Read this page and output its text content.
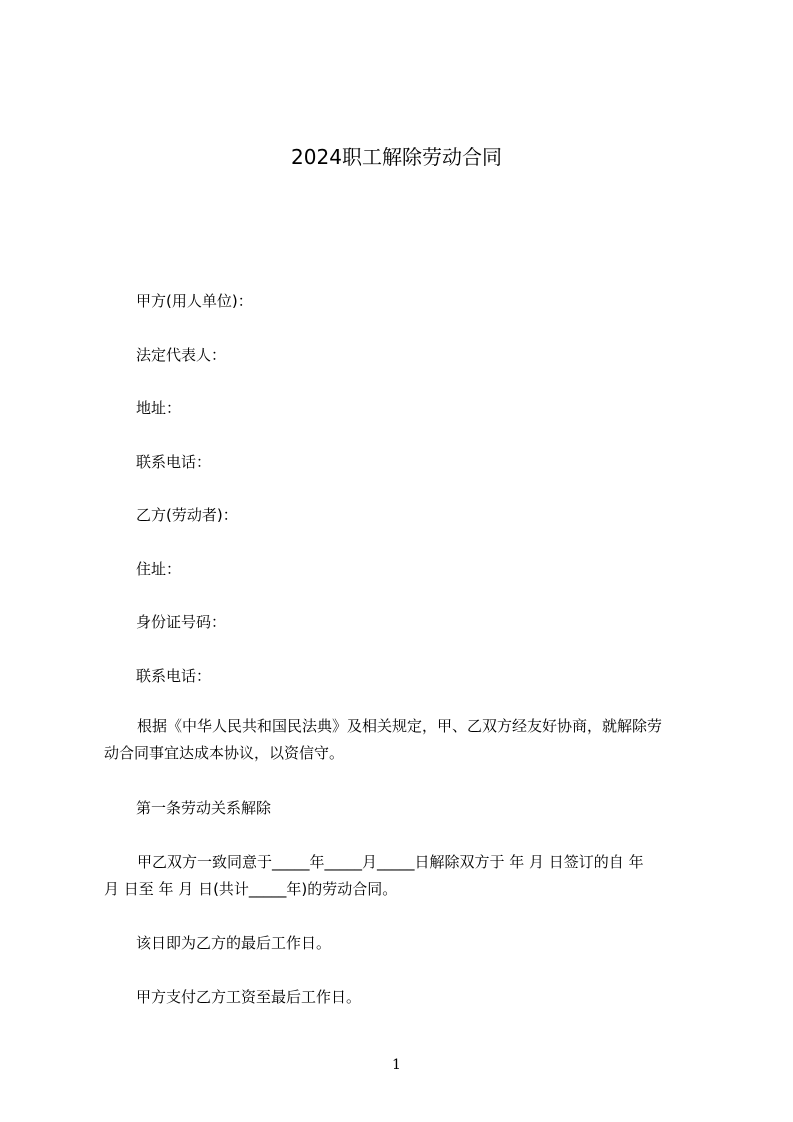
2024职工解除劳动合同
甲方(用人单位)：
法定代表人：
地址：
联系电话：
乙方(劳动者)：
住址：
身份证号码：
联系电话：
根据《中华人民共和国民法典》及相关规定，甲、乙双方经友好协商，就解除劳
动合同事宜达成本协议，以资信守。
第一条劳动关系解除
甲乙双方一致同意于_____年_____月_____日解除双方于 年 月 日签订的自 年
月 日至 年 月 日(共计_____年)的劳动合同。
该日即为乙方的最后工作日。
甲方支付乙方工资至最后工作日。
1
